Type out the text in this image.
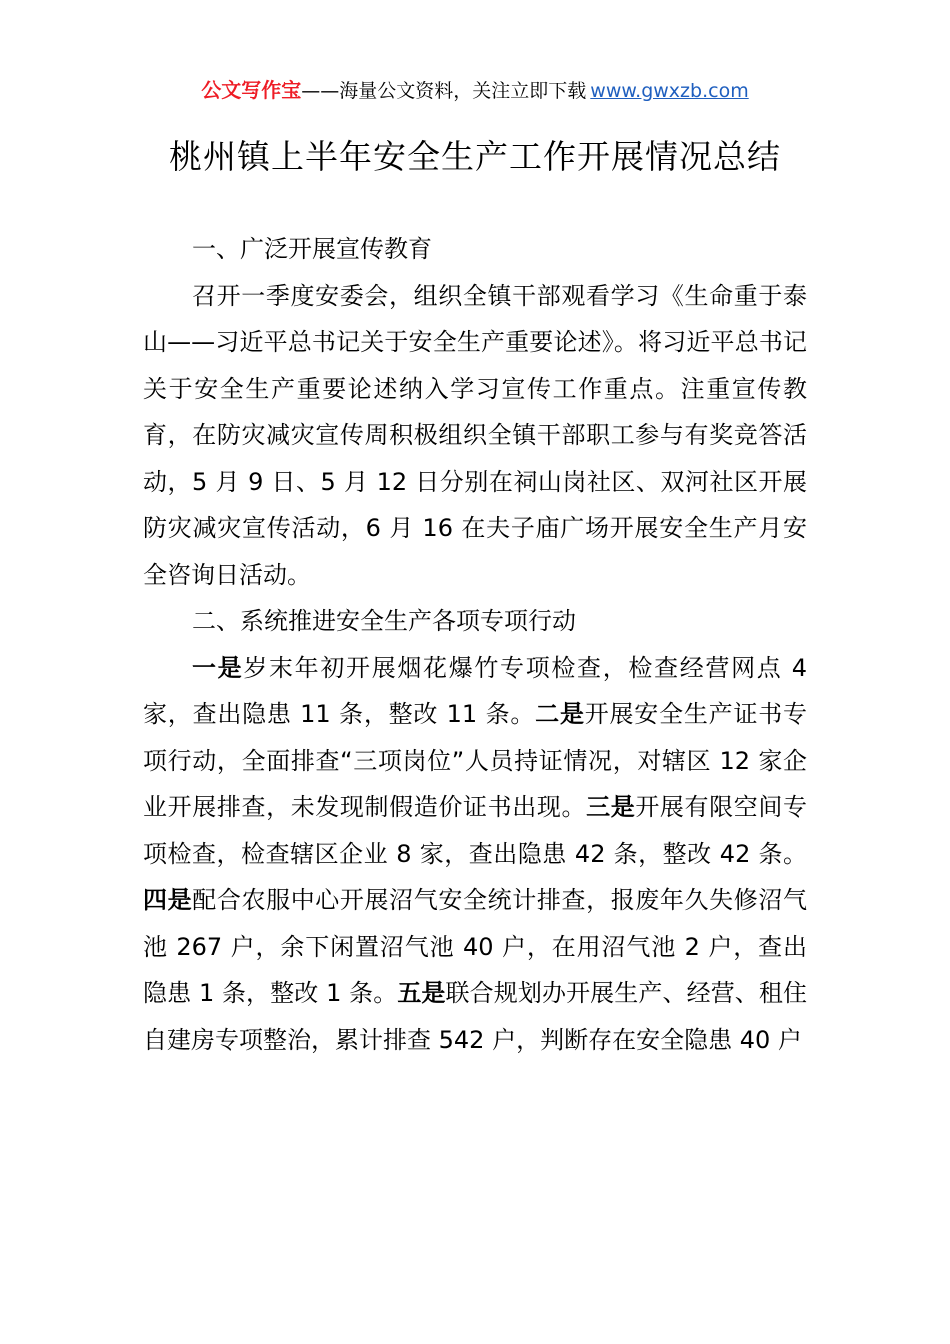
公文写作宝——海量公文资料，关注立即下载 www.gwxzb.com
桃州镇上半年安全生产工作开展情况总结

一、广泛开展宣传教育

召开一季度安委会，组织全镇干部观看学习《生命重于泰山——习近平总书记关于安全生产重要论述》。将习近平总书记关于安全生产重要论述纳入学习宣传工作重点。注重宣传教育，在防灾减灾宣传周积极组织全镇干部职工参与有奖竞答活动，5 月 9 日、5 月 12 日分别在祠山岗社区、双河社区开展防灾减灾宣传活动，6 月 16 在夫子庙广场开展安全生产月安全咨询日活动。

二、系统推进安全生产各项专项行动

一是岁末年初开展烟花爆竹专项检查，检查经营网点 4 家，查出隐患 11 条，整改 11 条。二是开展安全生产证书专项行动，全面排查“三项岗位”人员持证情况，对辖区 12 家企业开展排查，未发现制假造价证书出现。三是开展有限空间专项检查，检查辖区企业 8 家，查出隐患 42 条，整改 42 条。四是配合农服中心开展沼气安全统计排查，报废年久失修沼气池 267 户，余下闲置沼气池 40 户，在用沼气池 2 户，查出隐患 1 条，整改 1 条。五是联合规划办开展生产、经营、租住自建房专项整治，累计排查 542 户，判断存在安全隐患 40 户
